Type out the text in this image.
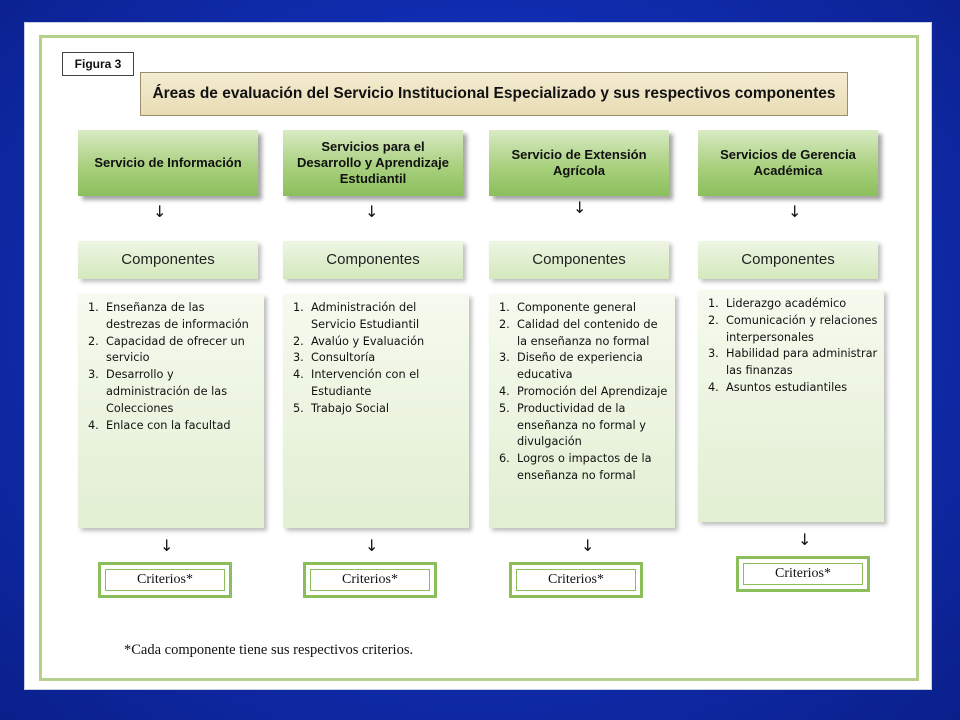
Figura 3
Áreas de evaluación del Servicio Institucional Especializado y sus respectivos componentes
Servicio de Información
↓
Componentes
1. Enseñanza de las destrezas de información
2. Capacidad de ofrecer un servicio
3. Desarrollo y administración de las Colecciones
4. Enlace con la facultad
↓
Criterios*
Servicios para el Desarrollo y Aprendizaje Estudiantil
↓
Componentes
1. Administración del Servicio Estudiantil
2. Avalúo y Evaluación
3. Consultoría
4. Intervención con el Estudiante
5. Trabajo Social
↓
Criterios*
Servicio de Extensión Agrícola
↓
Componentes
1. Componente general
2. Calidad del contenido de la enseñanza no formal
3. Diseño de experiencia educativa
4. Promoción del Aprendizaje
5. Productividad de la enseñanza no formal y divulgación
6. Logros o impactos de la enseñanza no formal
↓
Criterios*
Servicios de Gerencia Académica
↓
Componentes
1. Liderazgo académico
2. Comunicación y relaciones interpersonales
3. Habilidad para administrar las finanzas
4. Asuntos estudiantiles
↓
Criterios*
*Cada componente tiene sus respectivos criterios.
